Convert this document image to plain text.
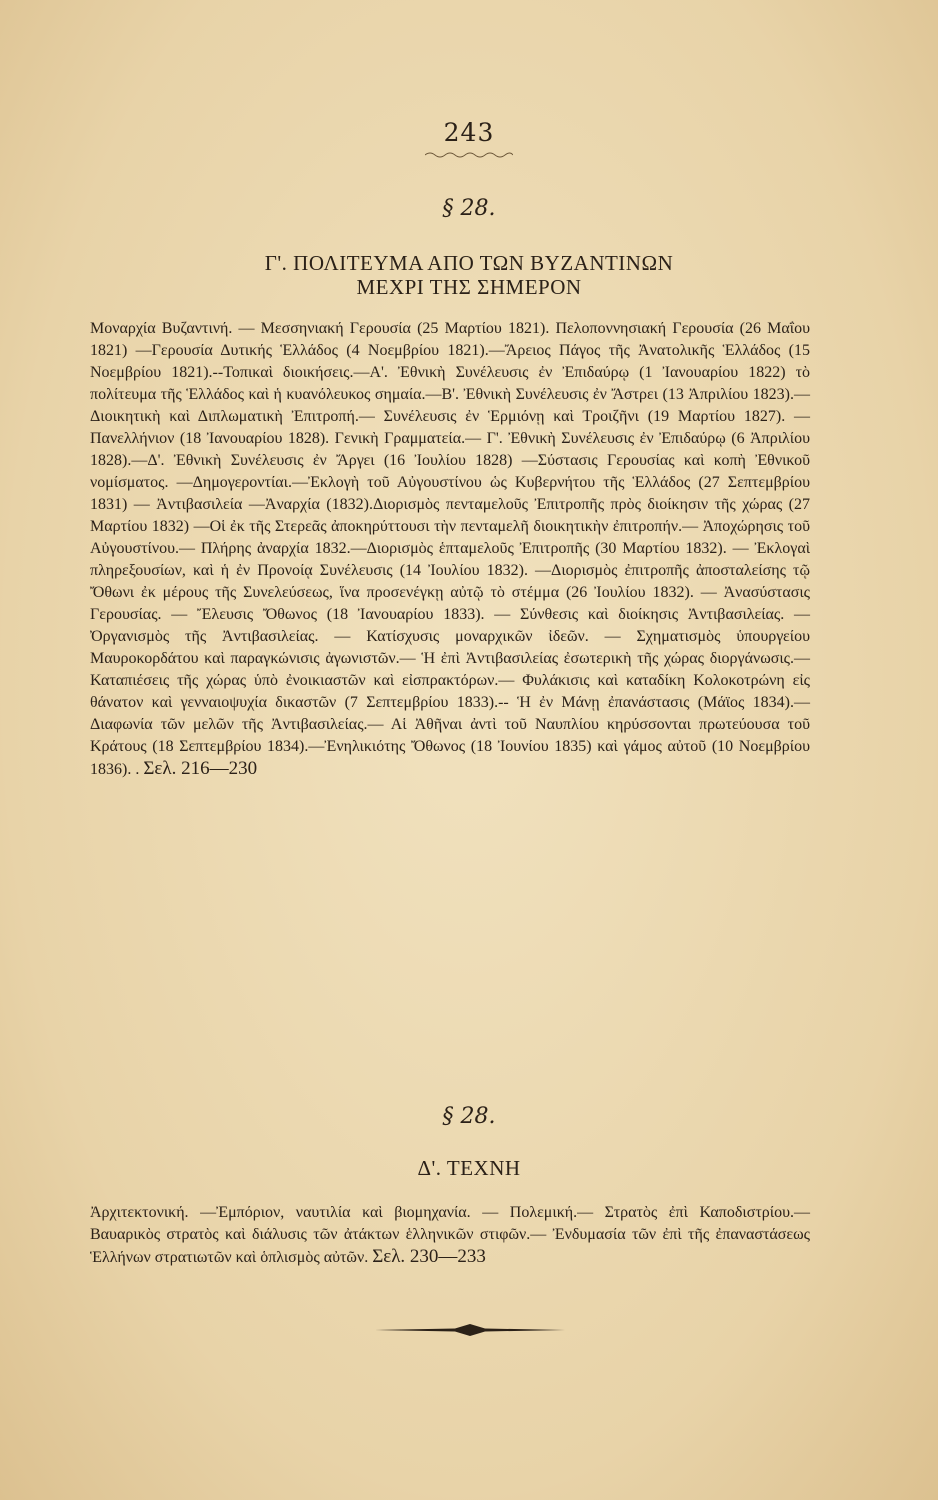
243
§ 28.
Γ'. ΠΟΛΙΤΕΥΜΑ ΑΠΟ ΤΩΝ ΒΥΖΑΝΤΙΝΩΝ
ΜΕΧΡΙ ΤΗΣ ΣΗΜΕΡΟΝ
Μοναρχία Βυζαντινή. — Μεσσηνιακή Γερουσία (25 Μαρτίου 1821). Πελοποννησιακή Γερουσία (26 Μαΐου 1821) —Γερουσία Δυτικής Ἑλλάδος (4 Νοεμβρίου 1821).—Ἄρειος Πάγος τῆς Ἀνατολικῆς Ἑλλάδος (15 Νοεμβρίου 1821).--Τοπικαὶ διοικήσεις.—Α'. Ἐθνικὴ Συνέλευσις ἐν Ἐπιδαύρῳ (1 Ἰανουαρίου 1822) τὸ πολίτευμα τῆς Ἑλλάδος καὶ ἡ κυανόλευκος σημαία.—Β'. Ἐθνικὴ Συνέλευσις ἐν Ἄστρει (13 Ἀπριλίου 1823).— Διοικητικὴ καὶ Διπλωματικὴ Ἐπιτροπή.— Συνέλευσις ἐν Ἑρμιόνῃ καὶ Τροιζῆνι (19 Μαρτίου 1827). —Πανελλήνιον (18 Ἰανουαρίου 1828). Γενικὴ Γραμματεία.— Γ'. Ἐθνικὴ Συνέλευσις ἐν Ἐπιδαύρῳ (6 Ἀπριλίου 1828).—Δ'. Ἐθνικὴ Συνέλευσις ἐν Ἄργει (16 Ἰουλίου 1828) —Σύστασις Γερουσίας καὶ κοπὴ Ἐθνικοῦ νομίσματος. —Δημογεροντίαι.—Ἐκλογὴ τοῦ Αὐγουστίνου ὡς Κυβερνήτου τῆς Ἑλλάδος (27 Σεπτεμβρίου 1831) — Ἀντιβασιλεία —Ἀναρχία (1832).Διορισμὸς πενταμελοῦς Ἐπιτροπῆς πρὸς διοίκησιν τῆς χώρας (27 Μαρτίου 1832) —Οἱ ἐκ τῆς Στερεᾶς ἀποκηρύττουσι τὴν πενταμελῆ διοικητικὴν ἐπιτροπήν.— Ἀποχώρησις τοῦ Αὐγουστίνου.— Πλήρης ἀναρχία 1832.—Διορισμὸς ἑπταμελοῦς Ἐπιτροπῆς (30 Μαρτίου 1832). — Ἐκλογαὶ πληρεξουσίων, καὶ ἡ ἐν Προνοίᾳ Συνέλευσις (14 Ἰουλίου 1832). —Διορισμὸς ἐπιτροπῆς ἀποσταλείσης τῷ Ὄθωνι ἐκ μέρους τῆς Συνελεύσεως, ἵνα προσενέγκῃ αὐτῷ τὸ στέμμα (26 Ἰουλίου 1832). — Ἀνασύστασις Γερουσίας. — Ἔλευσις Ὄθωνος (18 Ἰανουαρίου 1833). — Σύνθεσις καὶ διοίκησις Ἀντιβασιλείας. — Ὀργανισμὸς τῆς Ἀντιβασιλείας. — Κατίσχυσις μοναρχικῶν ἰδεῶν. — Σχηματισμὸς ὑπουργείου Μαυροκορδάτου καὶ παραγκώνισις ἀγωνιστῶν.— Ἡ ἐπὶ Ἀντιβασιλείας ἐσωτερικὴ τῆς χώρας διοργάνωσις.— Καταπιέσεις τῆς χώρας ὑπὸ ἐνοικιαστῶν καὶ εἰσπρακτόρων.— Φυλάκισις καὶ καταδίκη Κολοκοτρώνη εἰς θάνατον καὶ γενναιοψυχία δικαστῶν (7 Σεπτεμβρίου 1833).-- Ἡ ἐν Μάνῃ ἐπανάστασις (Μάϊος 1834).—Διαφωνία τῶν μελῶν τῆς Ἀντιβασιλείας.— Αἱ Ἀθῆναι ἀντὶ τοῦ Ναυπλίου κηρύσσονται πρωτεύουσα τοῦ Κράτους (18 Σεπτεμβρίου 1834).—Ἐνηλικιότης Ὄθωνος (18 Ἰουνίου 1835) καὶ γάμος αὐτοῦ (10 Νοεμβρίου 1836). . Σελ. 216—230
§ 28.
Δ'. ΤΕΧΝΗ
Ἀρχιτεκτονική. —Ἐμπόριον, ναυτιλία καὶ βιομηχανία. — Πολεμική.— Στρατὸς ἐπὶ Καποδιστρίου.— Βαυαρικὸς στρατὸς καὶ διάλυσις τῶν ἀτάκτων ἑλληνικῶν στιφῶν.— Ἐνδυμασία τῶν ἐπὶ τῆς ἐπαναστάσεως Ἑλλήνων στρατιωτῶν καὶ ὁπλισμὸς αὐτῶν. Σελ. 230—233
